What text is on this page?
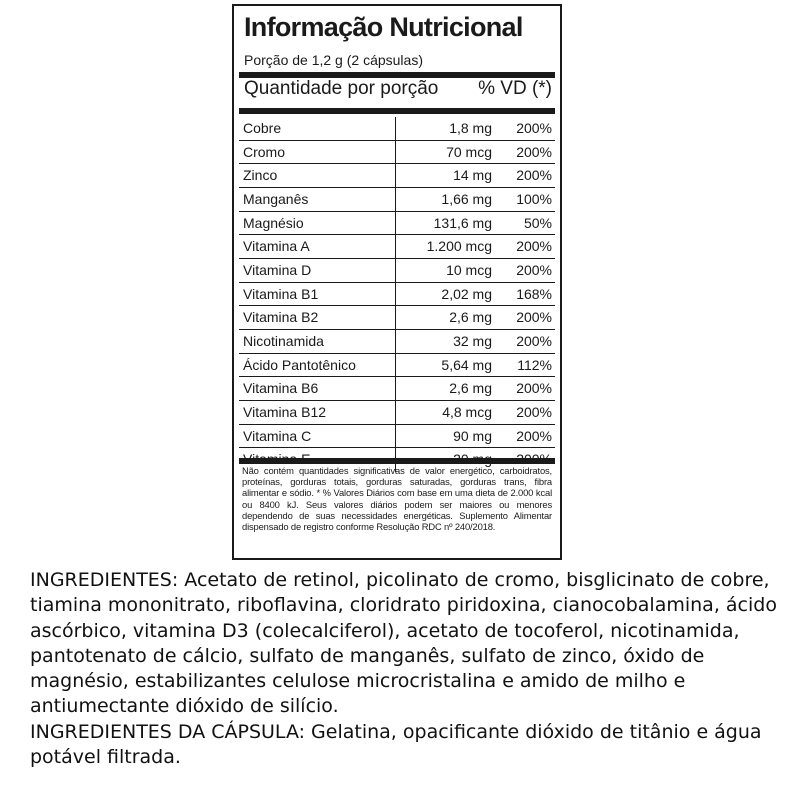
Informação Nutricional
Porção de 1,2 g (2 cápsulas)
Quantidade por porção % VD (*)
Cobre	1,8 mg 200%
Cromo	70 mcg 200%
Zinco	14 mg 200%
Manganês	1,66 mg 100%
Magnésio	131,6 mg 50%
Vitamina A	1.200 mcg 200%
Vitamina D	10 mcg 200%
Vitamina B1	2,02 mg 168%
Vitamina B2	2,6 mg 200%
Nicotinamida	32 mg 200%
Ácido Pantotênico	5,64 mg 112%
Vitamina B6	2,6 mg 200%
Vitamina B12	4,8 mcg 200%
Vitamina C	90 mg 200%
Vitamina E	20 mg 200%
Não contém quantidades significativas de valor energético, carboidratos, proteínas, gorduras totais, gorduras saturadas, gorduras trans, fibra alimentar e sódio. * % Valores Diários com base em uma dieta de 2.000 kcal ou 8400 kJ. Seus valores diários podem ser maiores ou menores dependendo de suas necessidades energéticas. Suplemento Alimentar dispensado de registro conforme Resolução RDC nº 240/2018.

INGREDIENTES: Acetato de retinol, picolinato de cromo, bisglicinato de cobre, tiamina mononitrato, riboflavina, cloridrato piridoxina, cianocobalamina, ácido ascórbico, vitamina D3 (colecalciferol), acetato de tocoferol, nicotinamida, pantotenato de cálcio, sulfato de manganês, sulfato de zinco, óxido de magnésio, estabilizantes celulose microcristalina e amido de milho e antiumectante dióxido de silício.

INGREDIENTES DA CÁPSULA: Gelatina, opacificante dióxido de titânio e água potável filtrada.
